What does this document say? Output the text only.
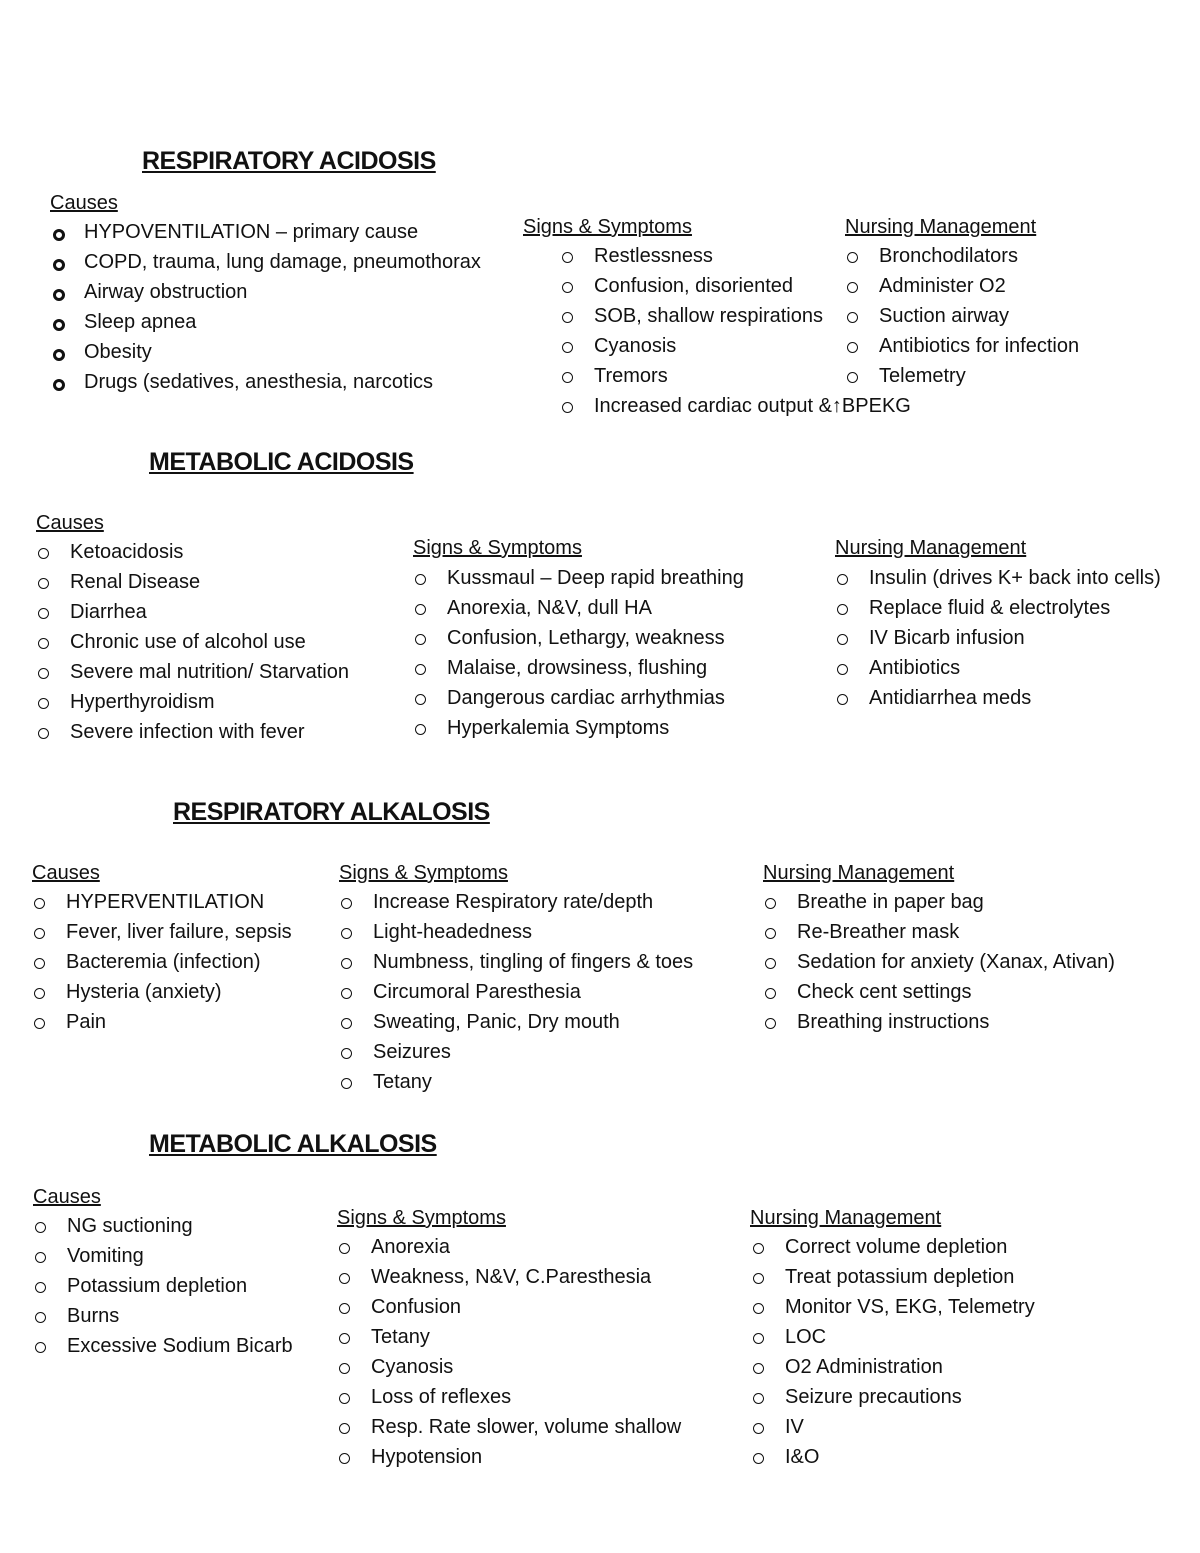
RESPIRATORY ACIDOSIS
Causes
HYPOVENTILATION – primary cause
COPD, trauma, lung damage, pneumothorax
Airway obstruction
Sleep apnea
Obesity
Drugs (sedatives, anesthesia, narcotics
Signs & Symptoms
Restlessness
Confusion, disoriented
SOB, shallow respirations
Cyanosis
Tremors
Increased cardiac output &↑BPEKG
Nursing Management
Bronchodilators
Administer O2
Suction airway
Antibiotics for infection
Telemetry
METABOLIC ACIDOSIS
Causes
Ketoacidosis
Renal Disease
Diarrhea
Chronic use of alcohol use
Severe mal nutrition/ Starvation
Hyperthyroidism
Severe infection with fever
Signs & Symptoms
Kussmaul – Deep rapid breathing
Anorexia, N&V, dull HA
Confusion, Lethargy, weakness
Malaise, drowsiness, flushing
Dangerous cardiac arrhythmias
Hyperkalemia Symptoms
Nursing Management
Insulin (drives K+ back into cells)
Replace fluid & electrolytes
IV Bicarb infusion
Antibiotics
Antidiarrhea meds
RESPIRATORY ALKALOSIS
Causes
HYPERVENTILATION
Fever, liver failure, sepsis
Bacteremia (infection)
Hysteria (anxiety)
Pain
Signs & Symptoms
Increase Respiratory rate/depth
Light-headedness
Numbness, tingling of fingers & toes
Circumoral Paresthesia
Sweating, Panic, Dry mouth
Seizures
Tetany
Nursing Management
Breathe in paper bag
Re-Breather mask
Sedation for anxiety (Xanax, Ativan)
Check cent settings
Breathing instructions
METABOLIC ALKALOSIS
Causes
NG suctioning
Vomiting
Potassium depletion
Burns
Excessive Sodium Bicarb
Signs & Symptoms
Anorexia
Weakness, N&V, C.Paresthesia
Confusion
Tetany
Cyanosis
Loss of reflexes
Resp. Rate slower, volume shallow
Hypotension
Nursing Management
Correct volume depletion
Treat potassium depletion
Monitor VS, EKG, Telemetry
LOC
O2 Administration
Seizure precautions
IV
I&O
